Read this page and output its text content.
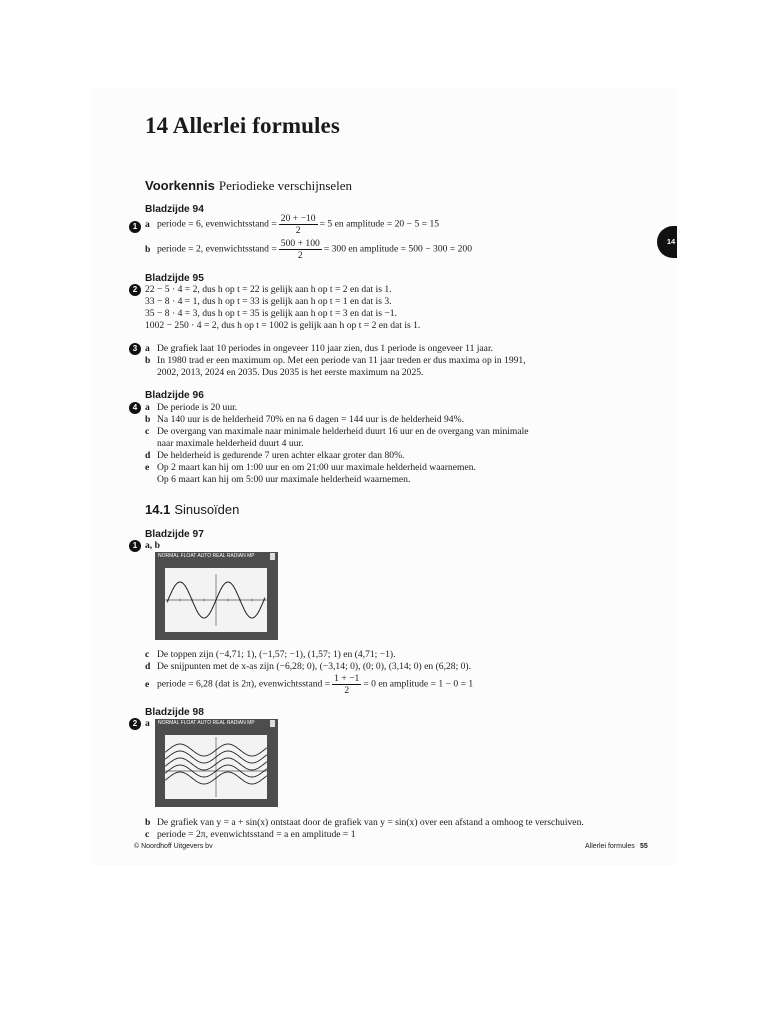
14 Allerlei formules
14
Voorkennis Periodieke verschijnselen
Bladzijde 94
1 a periode = 6, evenwichtsstand = $\frac{20 + -10}{2} = 5$ en amplitude = 20 − 5 = 15
b periode = 2, evenwichtsstand = $\frac{500 + 100}{2} = 300$ en amplitude = 500 − 300 = 200
Bladzijde 95
2 22 − 5 · 4 = 2, dus h op t = 22 is gelijk aan h op t = 2 en dat is 1.
33 − 8 · 4 = 1, dus h op t = 33 is gelijk aan h op t = 1 en dat is 3.
35 − 8 · 4 = 3, dus h op t = 35 is gelijk aan h op t = 3 en dat is −1.
1002 − 250 · 4 = 2, dus h op t = 1002 is gelijk aan h op t = 2 en dat is 1.
3 a De grafiek laat 10 periodes in ongeveer 110 jaar zien, dus 1 periode is ongeveer 11 jaar.
b In 1980 trad er een maximum op. Met een periode van 11 jaar treden er dus maxima op in 1991,
2002, 2013, 2024 en 2035. Dus 2035 is het eerste maximum na 2025.
Bladzijde 96
4 a De periode is 20 uur.
b Na 140 uur is de helderheid 70% en na 6 dagen = 144 uur is de helderheid 94%.
c De overgang van maximale naar minimale helderheid duurt 16 uur en de overgang van minimale
naar maximale helderheid duurt 4 uur.
d De helderheid is gedurende 7 uren achter elkaar groter dan 80%.
e Op 2 maart kan hij om 1:00 uur en om 21:00 uur maximale helderheid waarnemen.
Op 6 maart kan hij om 5:00 uur maximale helderheid waarnemen.
14.1 Sinusoïden
Bladzijde 97
1 a, b
NORMAL FLOAT AUTO REAL RADIAN MP
c De toppen zijn (−4,71; 1), (−1,57; −1), (1,57; 1) en (4,71; −1).
d De snijpunten met de x-as zijn (−6,28; 0), (−3,14; 0), (0; 0), (3,14; 0) en (6,28; 0).
e periode = 6,28 (dat is 2π), evenwichtsstand = $\frac{1 + -1}{2} = 0$ en amplitude = 1 − 0 = 1
Bladzijde 98
2 a	NORMAL FLOAT AUTO REAL RADIAN MP
b De grafiek van y = a + sin(x) ontstaat door de grafiek van y = sin(x) over een afstand a omhoog te verschuiven.
c periode = 2π, evenwichtsstand = a en amplitude = 1
© Noordhoff Uitgevers bv	Allerlei formules 55
